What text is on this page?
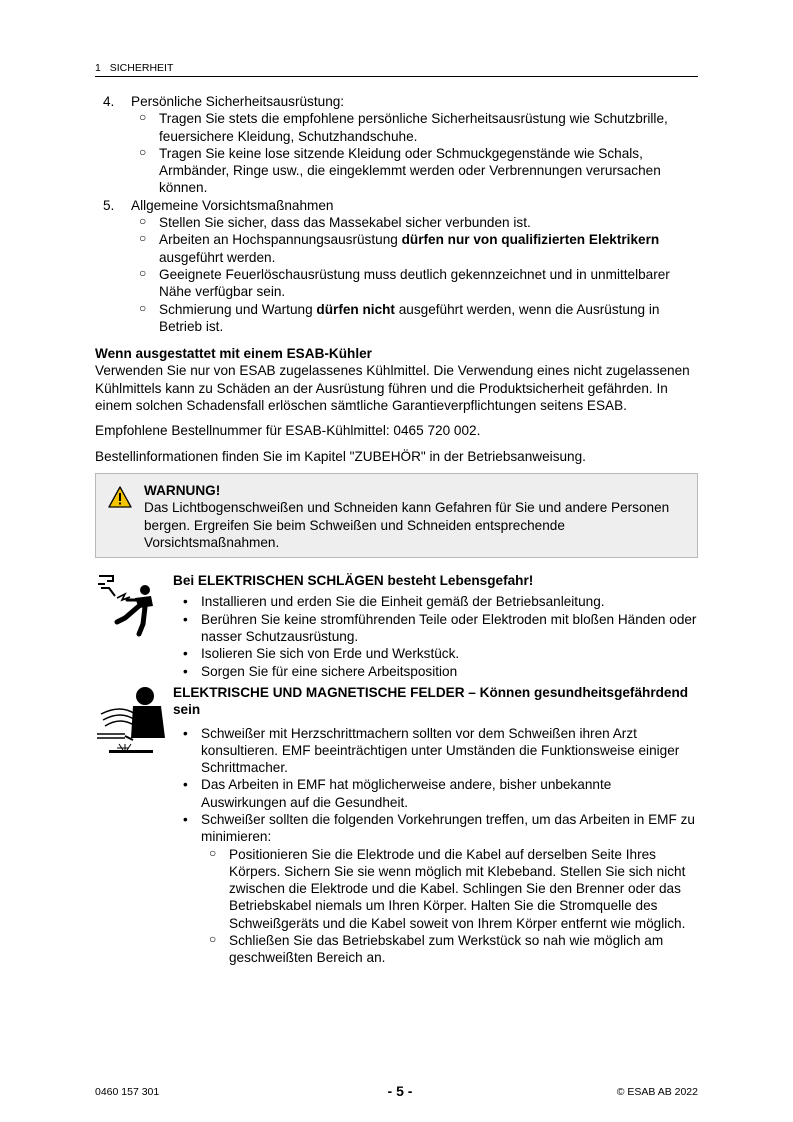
1 SICHERHEIT
4. Persönliche Sicherheitsausrüstung:
○ Tragen Sie stets die empfohlene persönliche Sicherheitsausrüstung wie Schutzbrille, feuersichere Kleidung, Schutzhandschuhe.
○ Tragen Sie keine lose sitzende Kleidung oder Schmuckgegenstände wie Schals, Armbänder, Ringe usw., die eingeklemmt werden oder Verbrennungen verursachen können.
5. Allgemeine Vorsichtsmaßnahmen
○ Stellen Sie sicher, dass das Massekabel sicher verbunden ist.
○ Arbeiten an Hochspannungsausrüstung dürfen nur von qualifizierten Elektrikern ausgeführt werden.
○ Geeignete Feuerlöschausrüstung muss deutlich gekennzeichnet und in unmittelbarer Nähe verfügbar sein.
○ Schmierung und Wartung dürfen nicht ausgeführt werden, wenn die Ausrüstung in Betrieb ist.
Wenn ausgestattet mit einem ESAB-Kühler
Verwenden Sie nur von ESAB zugelassenes Kühlmittel. Die Verwendung eines nicht zugelassenen Kühlmittels kann zu Schäden an der Ausrüstung führen und die Produktsicherheit gefährden. In einem solchen Schadensfall erlöschen sämtliche Garantieverpflichtungen seitens ESAB.
Empfohlene Bestellnummer für ESAB-Kühlmittel: 0465 720 002.
Bestellinformationen finden Sie im Kapitel "ZUBEHÖR" in der Betriebsanweisung.
WARNUNG!
Das Lichtbogenschweißen und Schneiden kann Gefahren für Sie und andere Personen bergen. Ergreifen Sie beim Schweißen und Schneiden entsprechende Vorsichtsmaßnahmen.
Bei ELEKTRISCHEN SCHLÄGEN besteht Lebensgefahr!
• Installieren und erden Sie die Einheit gemäß der Betriebsanleitung.
• Berühren Sie keine stromführenden Teile oder Elektroden mit bloßen Händen oder nasser Schutzausrüstung.
• Isolieren Sie sich von Erde und Werkstück.
• Sorgen Sie für eine sichere Arbeitsposition
ELEKTRISCHE UND MAGNETISCHE FELDER – Können gesundheitsgefährdend sein
• Schweißer mit Herzschrittmachern sollten vor dem Schweißen ihren Arzt konsultieren. EMF beeinträchtigen unter Umständen die Funktionsweise einiger Schrittmacher.
• Das Arbeiten in EMF hat möglicherweise andere, bisher unbekannte Auswirkungen auf die Gesundheit.
• Schweißer sollten die folgenden Vorkehrungen treffen, um das Arbeiten in EMF zu minimieren:
○ Positionieren Sie die Elektrode und die Kabel auf derselben Seite Ihres Körpers. Sichern Sie sie wenn möglich mit Klebeband. Stellen Sie sich nicht zwischen die Elektrode und die Kabel. Schlingen Sie den Brenner oder das Betriebskabel niemals um Ihren Körper. Halten Sie die Stromquelle des Schweißgeräts und die Kabel soweit von Ihrem Körper entfernt wie möglich.
○ Schließen Sie das Betriebskabel zum Werkstück so nah wie möglich am geschweißten Bereich an.
0460 157 301	- 5 -	© ESAB AB 2022
